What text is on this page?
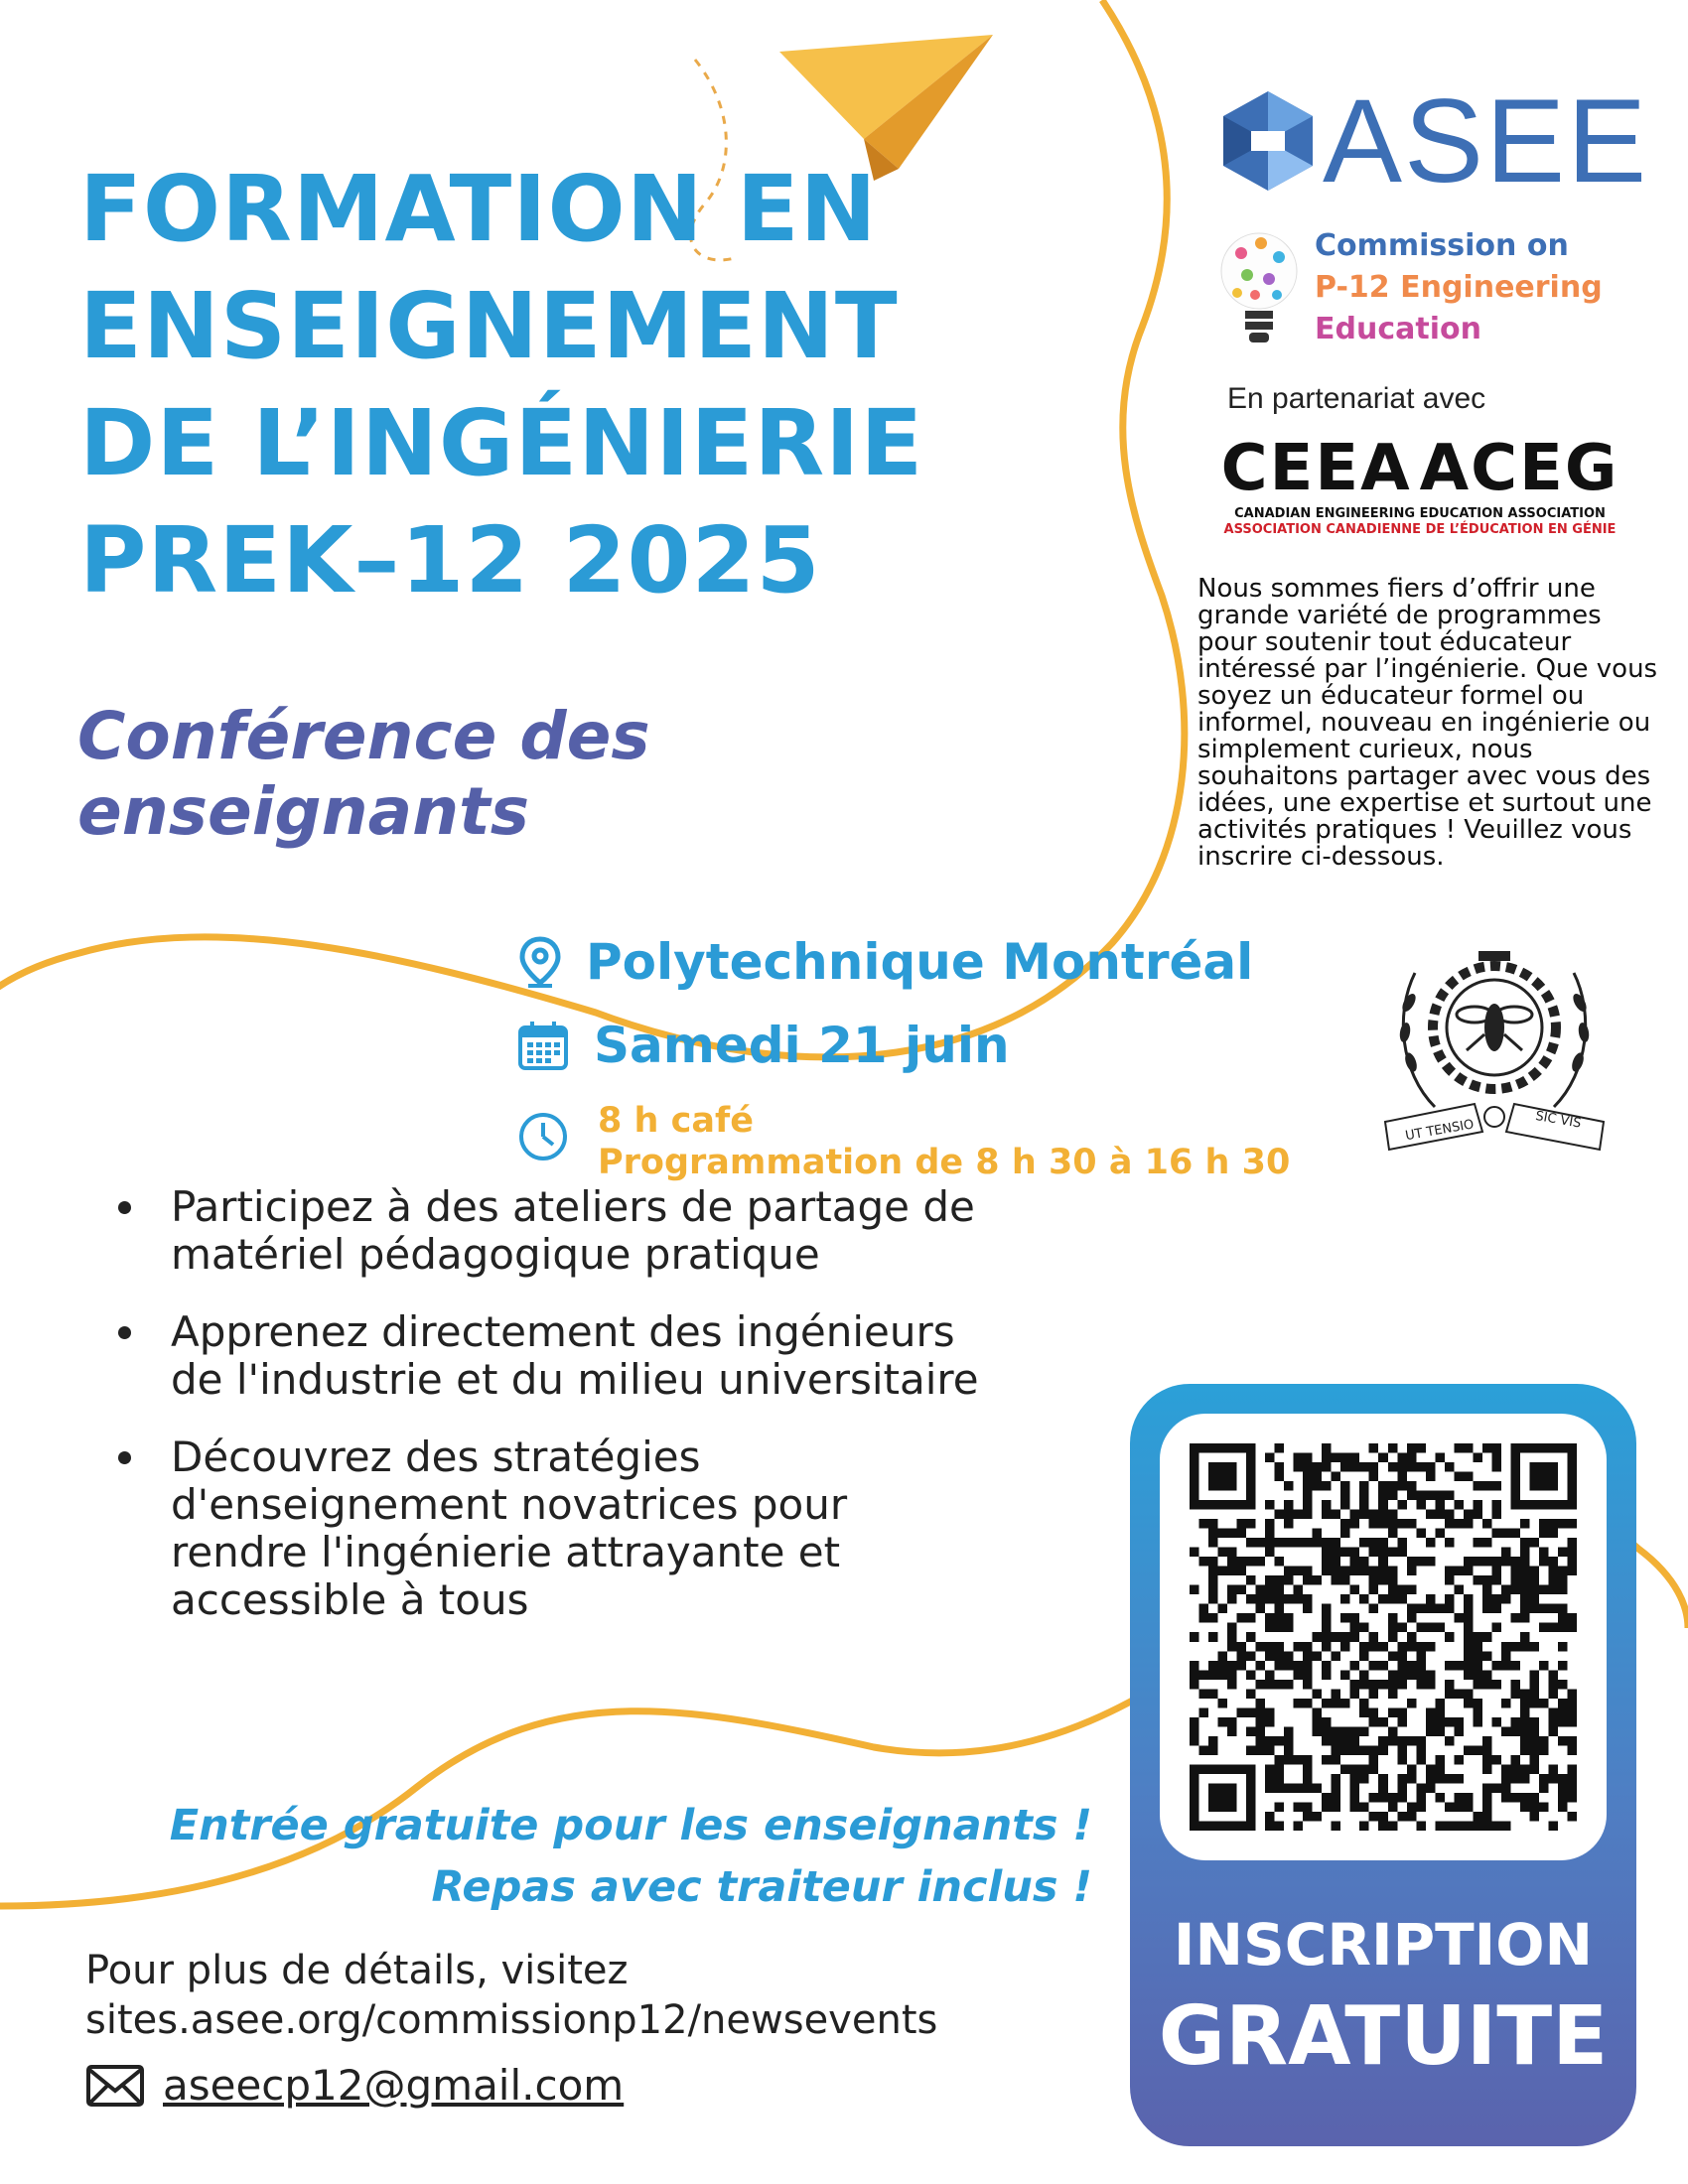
FORMATION EN
ENSEIGNEMENT
DE L’INGÉNIERIE
PREK–12 2025
Conférence des
enseignants
ASEE
Commission on
P-12 Engineering
Education
En partenariat avec
CEEA ACEG
CANADIAN ENGINEERING EDUCATION ASSOCIATION
ASSOCIATION CANADIENNE DE L’ÉDUCATION EN GÉNIE
Nous sommes fiers d’offrir une grande variété de programmes pour soutenir tout éducateur intéressé par l’ingénierie. Que vous soyez un éducateur formel ou informel, nouveau en ingénierie ou simplement curieux, nous souhaitons partager avec vous des idées, une expertise et surtout une activités pratiques ! Veuillez vous inscrire ci-dessous.
Polytechnique Montréal
Samedi 21 juin
8 h café
Programmation de 8 h 30 à 16 h 30
UT TENSIO	SIC VIS
• Participez à des ateliers de partage de matériel pédagogique pratique
• Apprenez directement des ingénieurs de l'industrie et du milieu universitaire
• Découvrez des stratégies d'enseignement novatrices pour rendre l'ingénierie attrayante et accessible à tous
Entrée gratuite pour les enseignants !
Repas avec traiteur inclus !
Pour plus de détails, visitez
sites.asee.org/commissionp12/newsevents
aseecp12@gmail.com
INSCRIPTION
GRATUITE
